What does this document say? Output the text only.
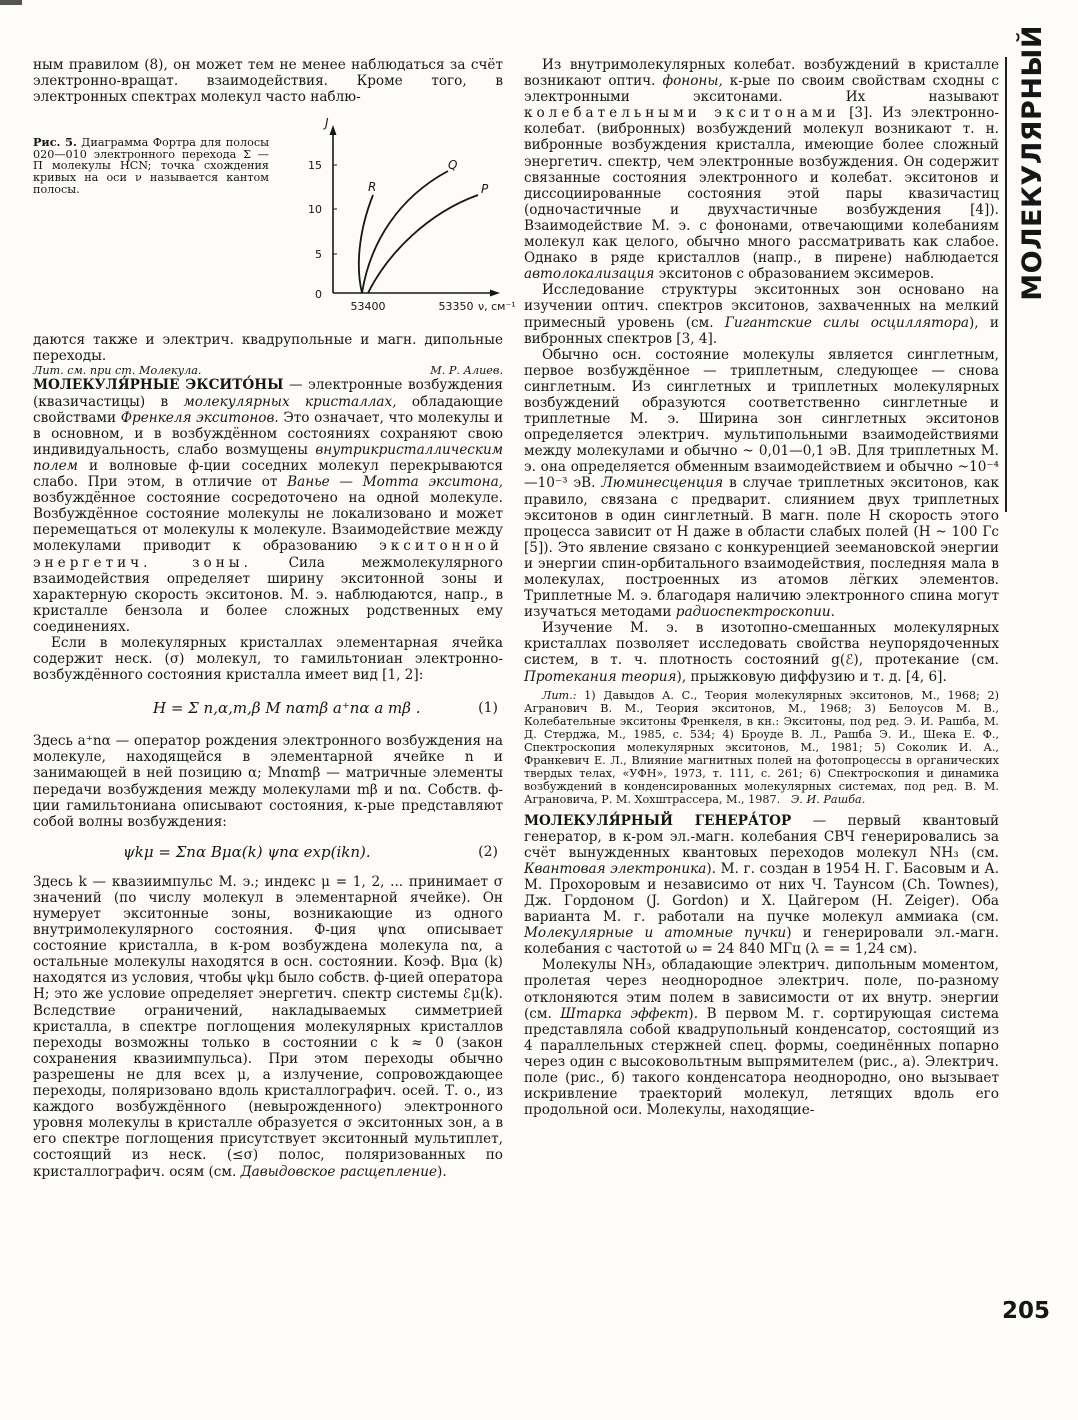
ным правилом (8), он может тем не менее наблюдаться за счёт электронно-вращат. взаимодействия. Кроме того, в электронных спектрах молекул часто наблю-

Рис. 5. Диаграмма Фортра для полосы 020—010 электронного перехода Σ — П молекулы HCN; точка схождения кривых на оси ν называется кантом полосы.
J
15
10
5
0
53400	53350 ν, см⁻¹
R
Q
P

даются также и электрич. квадрупольные и магн. дипольные переходы.

Лит. см. при ст. Молекула.	М. Р. Алиев.

МОЛЕКУЛЯ́РНЫЕ ЭКСИТО́НЫ — электронные возбуждения (квазичастицы) в молекулярных кристаллах, обладающие свойствами Френкеля экситонов. Это означает, что молекулы и в основном, и в возбуждённом состояниях сохраняют свою индивидуальность, слабо возмущены внутрикристаллическим полем и волновые ф-ции соседних молекул перекрываются слабо. При этом, в отличие от Ванье — Мотта экситона, возбуждённое состояние сосредоточено на одной молекуле. Возбуждённое состояние молекулы не локализовано и может перемещаться от молекулы к молекуле. Взаимодействие между молекулами приводит к образованию экситонной энергетич. зоны. Сила межмолекулярного взаимодействия определяет ширину экситонной зоны и характерную скорость экситонов. М. э. наблюдаются, напр., в кристалле бензола и более сложных родственных ему соединениях.

Если в молекулярных кристаллах элементарная ячейка содержит неск. (σ) молекул, то гамильтониан электронно-возбуждённого состояния кристалла имеет вид [1, 2]:

H = Σ n,α,m,β M nαmβ a⁺nα a mβ .	(1)

Здесь a⁺nα — оператор рождения электронного возбуждения на молекуле, находящейся в элементарной ячейке n и занимающей в ней позицию α; Mnαmβ — матричные элементы передачи возбуждения между молекулами mβ и nα. Собств. ф-ции гамильтониана описывают состояния, к-рые представляют собой волны возбуждения:

ψkμ = Σnα Bμα(k) ψnα exp(ikn).	(2)

Здесь k — квазиимпульс М. э.; индекс μ = 1, 2, ... принимает σ значений (по числу молекул в элементарной ячейке). Он нумерует экситонные зоны, возникающие из одного внутримолекулярного состояния. Ф-ция ψnα описывает состояние кристалла, в к-ром возбуждена молекула nα, а остальные молекулы находятся в осн. состоянии. Коэф. Bμα (k) находятся из условия, чтобы ψkμ было собств. ф-цией оператора H; это же условие определяет энергетич. спектр системы ℰμ(k). Вследствие ограничений, накладываемых симметрией кристалла, в спектре поглощения молекулярных кристаллов переходы возможны только в состоянии с k ≈ 0 (закон сохранения квазиимпульса). При этом переходы обычно разрешены не для всех μ, а излучение, сопровождающее переходы, поляризовано вдоль кристаллографич. осей. Т. о., из каждого возбуждённого (невырожденного) электронного уровня молекулы в кристалле образуется σ экситонных зон, а в его спектре поглощения присутствует экситонный мультиплет, состоящий из неск. (≤σ) полос, поляризованных по кристаллографич. осям (см. Давыдовское расщепление).

Из внутримолекулярных колебат. возбуждений в кристалле возникают оптич. фононы, к-рые по своим свойствам сходны с электронными экситонами. Их называют колебательными экситонами [3]. Из электронно-колебат. (вибронных) возбуждений молекул возникают т. н. вибронные возбуждения кристалла, имеющие более сложный энергетич. спектр, чем электронные возбуждения. Он содержит связанные состояния электронного и колебат. экситонов и диссоциированные состояния этой пары квазичастиц (одночастичные и двухчастичные возбуждения [4]). Взаимодействие М. э. с фононами, отвечающими колебаниям молекул как целого, обычно много рассматривать как слабое. Однако в ряде кристаллов (напр., в пирене) наблюдается автолокализация экситонов с образованием эксимеров.

Исследование структуры экситонных зон основано на изучении оптич. спектров экситонов, захваченных на мелкий примесный уровень (см. Гигантские силы осциллятора), и вибронных спектров [3, 4].

Обычно осн. состояние молекулы является синглетным, первое возбуждённое — триплетным, следующее — снова синглетным. Из синглетных и триплетных молекулярных возбуждений образуются соответственно синглетные и триплетные М. э. Ширина зон синглетных экситонов определяется электрич. мультипольными взаимодействиями между молекулами и обычно ~ 0,01—0,1 эВ. Для триплетных М. э. она определяется обменным взаимодействием и обычно ~10⁻⁴—10⁻³ эВ. Люминесценция в случае триплетных экситонов, как правило, связана с предварит. слиянием двух триплетных экситонов в один синглетный. В магн. поле H скорость этого процесса зависит от H даже в области слабых полей (H ~ 100 Гс [5]). Это явление связано с конкуренцией зеемановской энергии и энергии спин-орбитального взаимодействия, последняя мала в молекулах, построенных из атомов лёгких элементов. Триплетные М. э. благодаря наличию электронного спина могут изучаться методами радиоспектроскопии.

Изучение М. э. в изотопно-смешанных молекулярных кристаллах позволяет исследовать свойства неупорядоченных систем, в т. ч. плотность состояний g(ℰ), протекание (см. Протекания теория), прыжковую диффузию и т. д. [4, 6].

Лит.: 1) Давыдов А. С., Теория молекулярных экситонов, М., 1968; 2) Агранович В. М., Теория экситонов, М., 1968; 3) Белоусов М. В., Колебательные экситоны Френкеля, в кн.: Экситоны, под ред. Э. И. Рашба, М. Д. Стерджа, М., 1985, с. 534; 4) Броуде В. Л., Рашба Э. И., Шека Е. Ф., Спектроскопия молекулярных экситонов, М., 1981; 5) Соколик И. А., Франкевич Е. Л., Влияние магнитных полей на фотопроцессы в органических твердых телах, «УФН», 1973, т. 111, с. 261; 6) Спектроскопия и динамика возбуждений в конденсированных молекулярных системах, под ред. В. М. Аграновича, Р. М. Хохштрассера, М., 1987. Э. И. Рашба.

МОЛЕКУЛЯ́РНЫЙ ГЕНЕРА́ТОР — первый квантовый генератор, в к-ром эл.-магн. колебания СВЧ генерировались за счёт вынужденных квантовых переходов молекул NH₃ (см. Квантовая электроника). М. г. создан в 1954 Н. Г. Басовым и А. М. Прохоровым и независимо от них Ч. Таунсом (Ch. Townes), Дж. Гордоном (J. Gordon) и Х. Цайгером (H. Zeiger). Оба варианта М. г. работали на пучке молекул аммиака (см. Молекулярные и атомные пучки) и генерировали эл.-магн. колебания с частотой ω = 24 840 МГц (λ = = 1,24 см).

Молекулы NH₃, обладающие электрич. дипольным моментом, пролетая через неоднородное электрич. поле, по-разному отклоняются этим полем в зависимости от их внутр. энергии (см. Штарка эффект). В первом М. г. сортирующая система представляла собой квадрупольный конденсатор, состоящий из 4 параллельных стержней спец. формы, соединённых попарно через один с высоковольтным выпрямителем (рис., а). Электрич. поле (рис., б) такого конденсатора неоднородно, оно вызывает искривление траекторий молекул, летящих вдоль его продольной оси. Молекулы, находящие-

МОЛЕКУЛЯРНЫЙ
205
